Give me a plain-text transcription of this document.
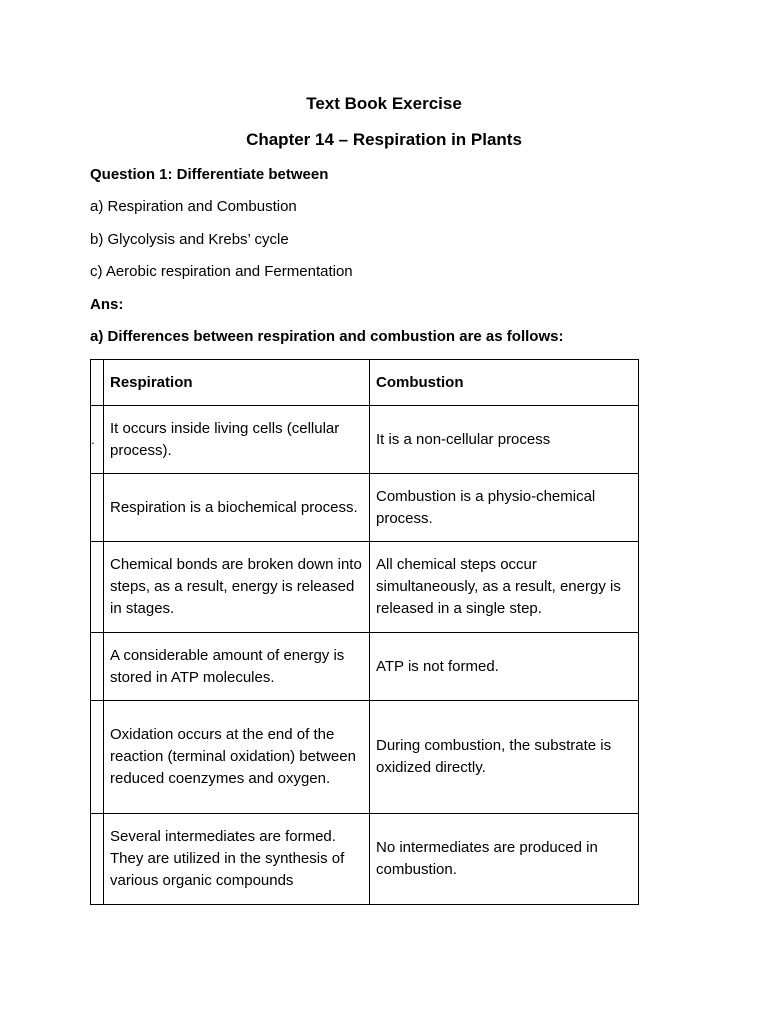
Text Book Exercise
Chapter 14 – Respiration in Plants
Question 1: Differentiate between
a) Respiration and Combustion
b) Glycolysis and Krebs’ cycle
c) Aerobic respiration and Fermentation
Ans:
a) Differences between respiration and combustion are as follows:
	Respiration	Combustion
.	It occurs inside living cells (cellular process).	It is a non-cellular process
	Respiration is a biochemical process.	Combustion is a physio-chemical process.
	Chemical bonds are broken down into steps, as a result, energy is released in stages.	All chemical steps occur simultaneously, as a result, energy is released in a single step.
	A considerable amount of energy is stored in ATP molecules.	ATP is not formed.
	Oxidation occurs at the end of the reaction (terminal oxidation) between reduced coenzymes and oxygen.	During combustion, the substrate is oxidized directly.
	Several intermediates are formed. They are utilized in the synthesis of various organic compounds	No intermediates are produced in combustion.
